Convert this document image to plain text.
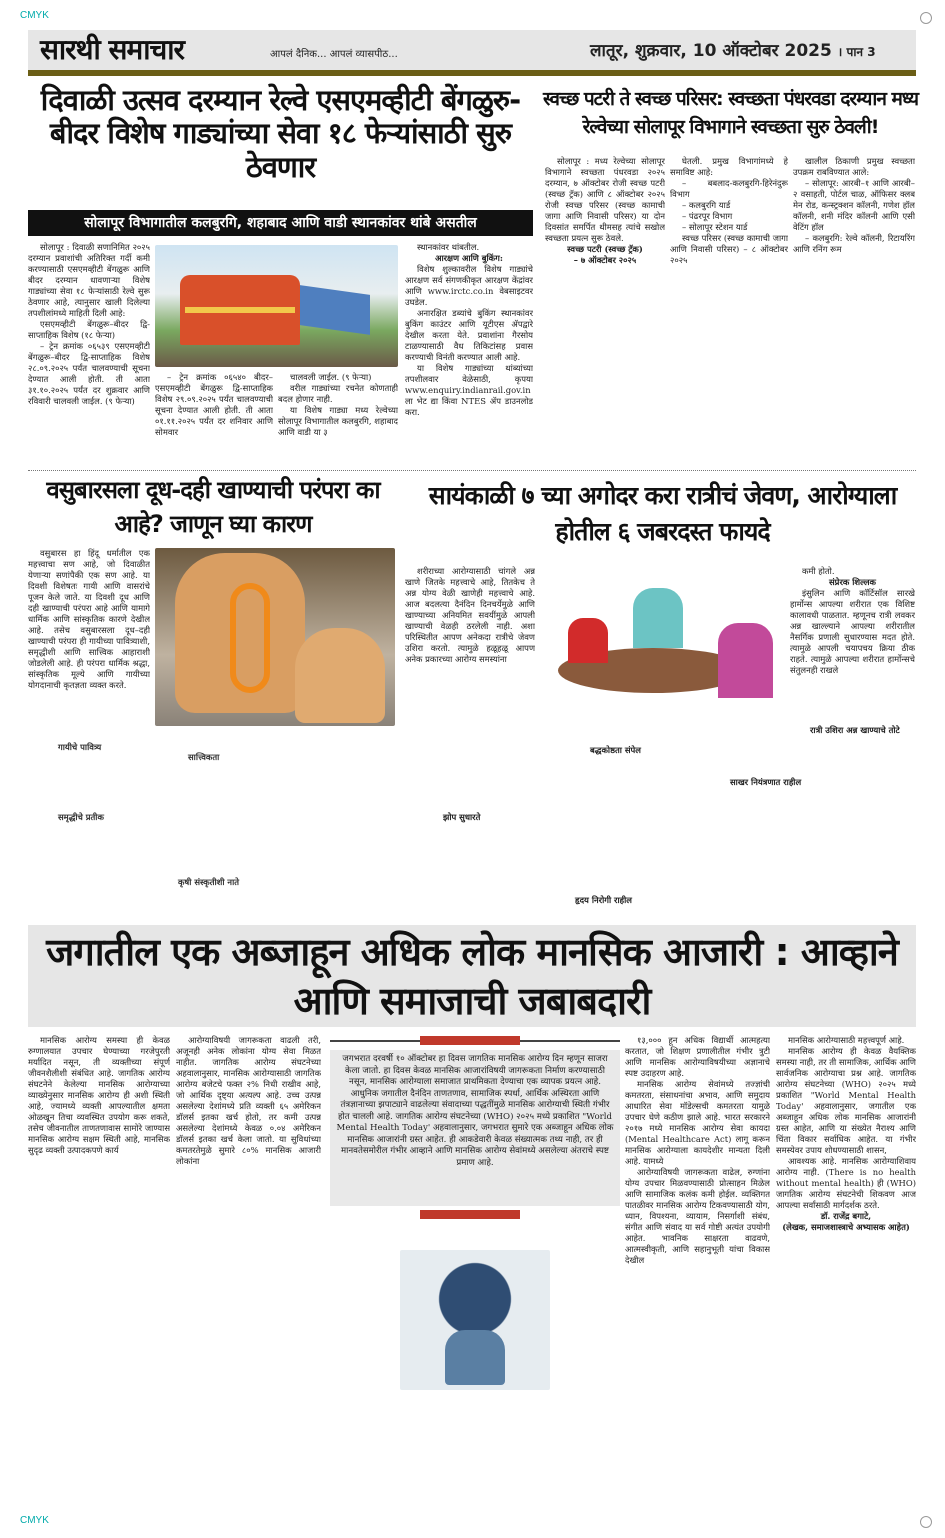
CMYK
CMYK
सारथी समाचार	आपलं दैनिक... आपलं व्यासपीठ...	लातूर, शुक्रवार, 10 ऑक्टोबर 2025 । पान 3
दिवाळी उत्सव दरम्यान रेल्वे एसएमव्हीटी बेंगळुरु-बीदर विशेष गाड्यांच्या सेवा १८ फेऱ्यांसाठी सुरु ठेवणार
सोलापूर विभागातील कलबुरगि, शहाबाद आणि वाडी स्थानकांवर थांबे असतील

सोलापूर : दिवाळी सणानिमित २०२५ दरम्यान प्रवाशांची अतिरिक्त गर्दी कमी करण्यासाठी एसएमव्हीटी बेंगळुरू आणि बीदर दरम्यान धावणाऱ्या विशेष गाड्यांच्या सेवा १८ फेऱ्यांसाठी रेल्वे सुरू ठेवणार आहे, त्यानुसार खाली दिलेल्या तपशीलांमध्ये माहिती दिली आहे:

एसएमव्हीटी बेंगळुरू–बीदर द्वि-साप्ताहिक विशेष (१८ फेऱ्या)

– ट्रेन क्रमांक ०६५३९ एसएमव्हीटी बेंगळुरू–बीदर द्वि-साप्ताहिक विशेष २८.०९.२०२५ पर्यंत चालवण्याची सूचना देण्यात आली होती. ती आता ३१.१०.२०२५ पर्यंत दर शुक्रवार आणि रविवारी चालवली जाईल. (९ फेऱ्या)

– ट्रेन क्रमांक ०६५४० बीदर–एसएमव्हीटी बेंगळुरू द्वि-साप्ताहिक विशेष २९.०९.२०२५ पर्यंत चालवण्याची सूचना देण्यात आली होती. ती आता ०१.११.२०२५ पर्यंत दर शनिवार आणि सोमवार

चालवली जाईल. (९ फेऱ्या)

वरील गाड्यांच्या रचनेत कोणताही बदल होणार नाही.

या विशेष गाड्या मध्य रेल्वेच्या सोलापूर विभागातील कलबुरगि, शहाबाद आणि वाडी या ३

स्थानकांवर थांबतील.

आरक्षण आणि बुकिंग:

विशेष शुल्कावरील विशेष गाड्यांचे आरक्षण सर्व संगणकीकृत आरक्षण केंद्रांवर आणि www.irctc.co.in वेबसाइटवर उघडेल.

अनारक्षित डब्यांचे बुकिंग स्थानकांवर बुकिंग काउंटर आणि यूटीएस ॲपद्वारे देखील करता येते. प्रवाशांना गैरसोय टाळण्यासाठी वैध तिकिटांसह प्रवास करण्याची विनंती करण्यात आली आहे.

या विशेष गाड्यांच्या थांब्यांच्या तपशीलवार वेळेसाठी, कृपया www.enquiry.indianrail.gov.in ला भेट द्या किंवा NTES ॲप डाउनलोड करा.

स्वच्छ पटरी ते स्वच्छ परिसर: स्वच्छता पंधरवडा दरम्यान मध्य रेल्वेच्या सोलापूर विभागाने स्वच्छता सुरु ठेवली!

सोलापूर : मध्य रेल्वेच्या सोलापूर विभागाने स्वच्छता पंधरवडा २०२५ दरम्यान, ७ ऑक्टोबर रोजी स्वच्छ पटरी (स्वच्छ ट्रॅक) आणि ८ ऑक्टोबर २०२५ रोजी स्वच्छ परिसर (स्वच्छ कामाची जागा आणि निवासी परिसर) या दोन दिवसांत समर्पित थीमसह त्यांचे सखोल स्वच्छता प्रयत्न सुरू ठेवले.

स्वच्छ पटरी (स्वच्छ ट्रॅक)

– ७ ऑक्टोबर २०२५

घेतली. प्रमुख विभागांमध्ये हे समाविष्ट आहे:

– बबलाद-कलबुरगि-हिरेनंदुरू विभाग

– कलबुरगि यार्ड

– पंढरपूर विभाग

– सोलापूर स्टेशन यार्ड

स्वच्छ परिसर (स्वच्छ कामाची जागा आणि निवासी परिसर) – ८ ऑक्टोबर २०२५

खालील ठिकाणी प्रमुख स्वच्छता उपक्रम राबविण्यात आले:

– सोलापूर: आरबी–१ आणि आरबी–२ वसाहती, पोर्टल चाळ, ऑफिसर क्लब मेन रोड, कन्स्ट्रक्शन कॉलनी, गणेश हॉल कॉलनी, शनी मंदिर कॉलनी आणि एसी वेटिंग हॉल

– कलबुरगि: रेल्वे कॉलनी, रिटायरिंग आणि रनिंग रूम

वसुबारसला दूध-दही खाण्याची परंपरा का आहे? जाणून घ्या कारण

वसुबारस हा हिंदू धर्मातील एक महत्त्वाचा सण आहे, जो दिवाळीत येणाऱ्या सणांपैकी एक सण आहे. या दिवशी विशेषतः गायी आणि वासरांचे पूजन केले जाते. या दिवशी दूध आणि दही खाण्याची परंपरा आहे आणि यामागे धार्मिक आणि सांस्कृतिक कारणे देखील आहे. तसेच वसुबारसला दूध–दही खाण्याची परंपरा ही गायीच्या पावित्र्याशी, समृद्धीशी आणि सात्त्विक आहाराशी जोडलेली आहे. ही परंपरा धार्मिक श्रद्धा, सांस्कृतिक मूल्ये आणि गायीच्या योगदानाची कृतज्ञता व्यक्त करते.

गायीचे पावित्र्य
समृद्धीचे प्रतीक
सात्त्विकता
कृषी संस्कृतीशी नाते
सायंकाळी ७ च्या अगोदर करा रात्रीचं जेवण, आरोग्याला होतील ६ जबरदस्त फायदे

शरीराच्या आरोग्यासाठी चांगले अन्न खाणे जितके महत्त्वाचे आहे, तितकेच ते अन्न योग्य वेळी खाणेही महत्त्वाचे आहे. आज बदलत्या दैनंदिन दिनचर्येमुळे आणि खाण्याच्या अनियमित सवयींमुळे आपली खाण्याची वेळही ठरलेली नाही. अशा परिस्थितीत आपण अनेकदा रात्रीचे जेवण उशिरा करतो. त्यामुळे हळूहळू आपण अनेक प्रकारच्या आरोग्य समस्यांना

कमी होतो.

संप्रेरक शिल्लक

इंसुलिन आणि कॉर्टिसॉल सारखे हार्मोन्स आपल्या शरीरात एक विशिष्ट कालावधी पाळतात. म्हणूनच रात्री लवकर अन्न खाल्ल्याने आपल्या शरीरातील नैसर्गिक प्रणाली सुधारण्यास मदत होते. त्यामुळे आपली चयापचय क्रिया ठीक राहते. त्यामुळे आपल्या शरीरात हार्मोन्सचे संतुलनही राखले

झोप सुधारते
बद्धकोष्ठता संपेल
साखर नियंत्रणात राहील
हृदय निरोगी राहील
रात्री उशिरा अन्न खाण्याचे तोटे
जगातील एक अब्जाहून अधिक लोक मानसिक आजारी : आव्हाने आणि समाजाची जबाबदारी

मानसिक आरोग्य समस्या ही केवळ रुग्णालयात उपचार घेण्याच्या गरजेपुरती मर्यादित नसून, ती व्यक्तीच्या संपूर्ण जीवनशैलीशी संबंधित आहे. जागतिक आरोग्य संघटनेने केलेल्या मानसिक आरोग्याच्या व्याख्येनुसार मानसिक आरोग्य ही अशी स्थिती आहे, ज्यामध्ये व्यक्ती आपल्यातील क्षमता ओळखून तिचा व्यवस्थित उपयोग करू शकते, तसेच जीवनातील ताणतणावास सामोरे जाण्यास मानसिक आरोग्य सक्षम स्थिती आहे, मानसिक सुदृढ व्यक्ती उत्पादकपणे कार्य

आरोग्याविषयी जागरूकता वाढली तरी, अजूनही अनेक लोकांना योग्य सेवा मिळत नाहीत. जागतिक आरोग्य संघटनेच्या अहवालानुसार, मानसिक आरोग्यासाठी जागतिक आरोग्य बजेटचे फक्त २% निधी राखीव आहे, जो आर्थिक दृष्ट्या अत्यल्प आहे. उच्च उत्पन्न असलेल्या देशांमध्ये प्रति व्यक्ती ६५ अमेरिकन डॉलर्स इतका खर्च होतो, तर कमी उत्पन्न असलेल्या देशांमध्ये केवळ ०.०४ अमेरिकन डॉलर्स इतका खर्च केला जातो. या सुविधांच्या कमतरतेमुळे सुमारे ८०% मानसिक आजारी लोकांना

जगभरात दरवर्षी १० ऑक्टोबर हा दिवस जागतिक मानसिक आरोग्य दिन म्हणून साजरा केला जातो. हा दिवस केवळ मानसिक आजारांविषयी जागरूकता निर्माण करण्यासाठी नसून, मानसिक आरोग्याला समाजात प्राथमिकता देण्याचा एक व्यापक प्रयत्न आहे. आधुनिक जगातील दैनंदिन ताणतणाव, सामाजिक स्पर्धा, आर्थिक अस्थिरता आणि तंत्रज्ञानाच्या झपाट्याने वाढलेल्या संवादाच्या पद्धतींमुळे मानसिक आरोग्याची स्थिती गंभीर होत चालली आहे. जागतिक आरोग्य संघटनेच्या (WHO) २०२५ मध्ये प्रकाशित "World Mental Health Today' अहवालानुसार, जगभरात सुमारे एक अब्जाहून अधिक लोक मानसिक आजारांनी ग्रस्त आहेत. ही आकडेवारी केवळ संख्यात्मक तथ्य नाही, तर ही मानवतेसमोरील गंभीर आव्हाने आणि मानसिक आरोग्य सेवांमध्ये असलेल्या अंतराचे स्पष्ट प्रमाण आहे.

१३,००० हून अधिक विद्यार्थी आत्महत्या करतात, जो शिक्षण प्रणालीतील गंभीर त्रुटी आणि मानसिक आरोग्याविषयीच्या अज्ञानाचे स्पष्ट उदाहरण आहे.

मानसिक आरोग्य सेवांमध्ये तज्ज्ञांची कमतरता, संसाधनांचा अभाव, आणि समुदाय आधारित सेवा मॉडेल्सची कमतरता यामुळे उपचार घेणे कठीण झाले आहे. भारत सरकारने २०१७ मध्ये मानसिक आरोग्य सेवा कायदा (Mental Healthcare Act) लागू करून मानसिक आरोग्याला कायदेशीर मान्यता दिली आहे. यामध्ये

आरोग्याविषयी जागरूकता वाढेल, रुग्णांना योग्य उपचार मिळवण्यासाठी प्रोत्साहन मिळेल आणि सामाजिक कलंक कमी होईल. व्यक्तिगत पातळीवर मानसिक आरोग्य टिकवण्यासाठी योग, ध्यान, विपश्यना, व्यायाम, निसर्गाशी संबंध, संगीत आणि संवाद या सर्व गोष्टी अत्यंत उपयोगी आहेत. भावनिक साक्षरता वाढवणे, आत्मस्वीकृती, आणि सहानुभूती यांचा विकास देखील

मानसिक आरोग्यासाठी महत्त्वपूर्ण आहे.

मानसिक आरोग्य ही केवळ वैयक्तिक समस्या नाही, तर ती सामाजिक, आर्थिक आणि सार्वजनिक आरोग्याचा प्रश्न आहे. जागतिक आरोग्य संघटनेच्या (WHO) २०२५ मध्ये प्रकाशित "World Mental Health Today' अहवालानुसार, जगातील एक अब्जाहून अधिक लोक मानसिक आजारांनी ग्रस्त आहेत, आणि या संख्येत नैराश्य आणि चिंता विकार सर्वाधिक आहेत. या गंभीर समस्येवर उपाय शोधण्यासाठी शासन,

आवश्यक आहे. मानसिक आरोग्याशिवाय आरोग्य नाही. (There is no health without mental health) ही (WHO) जागतिक आरोग्य संघटनेची शिकवण आज आपल्या सर्वांसाठी मार्गदर्शक ठरते.

डॉ. राजेंद्र बगाटे,

(लेखक, समाजशास्त्राचे अभ्यासक आहेत)
